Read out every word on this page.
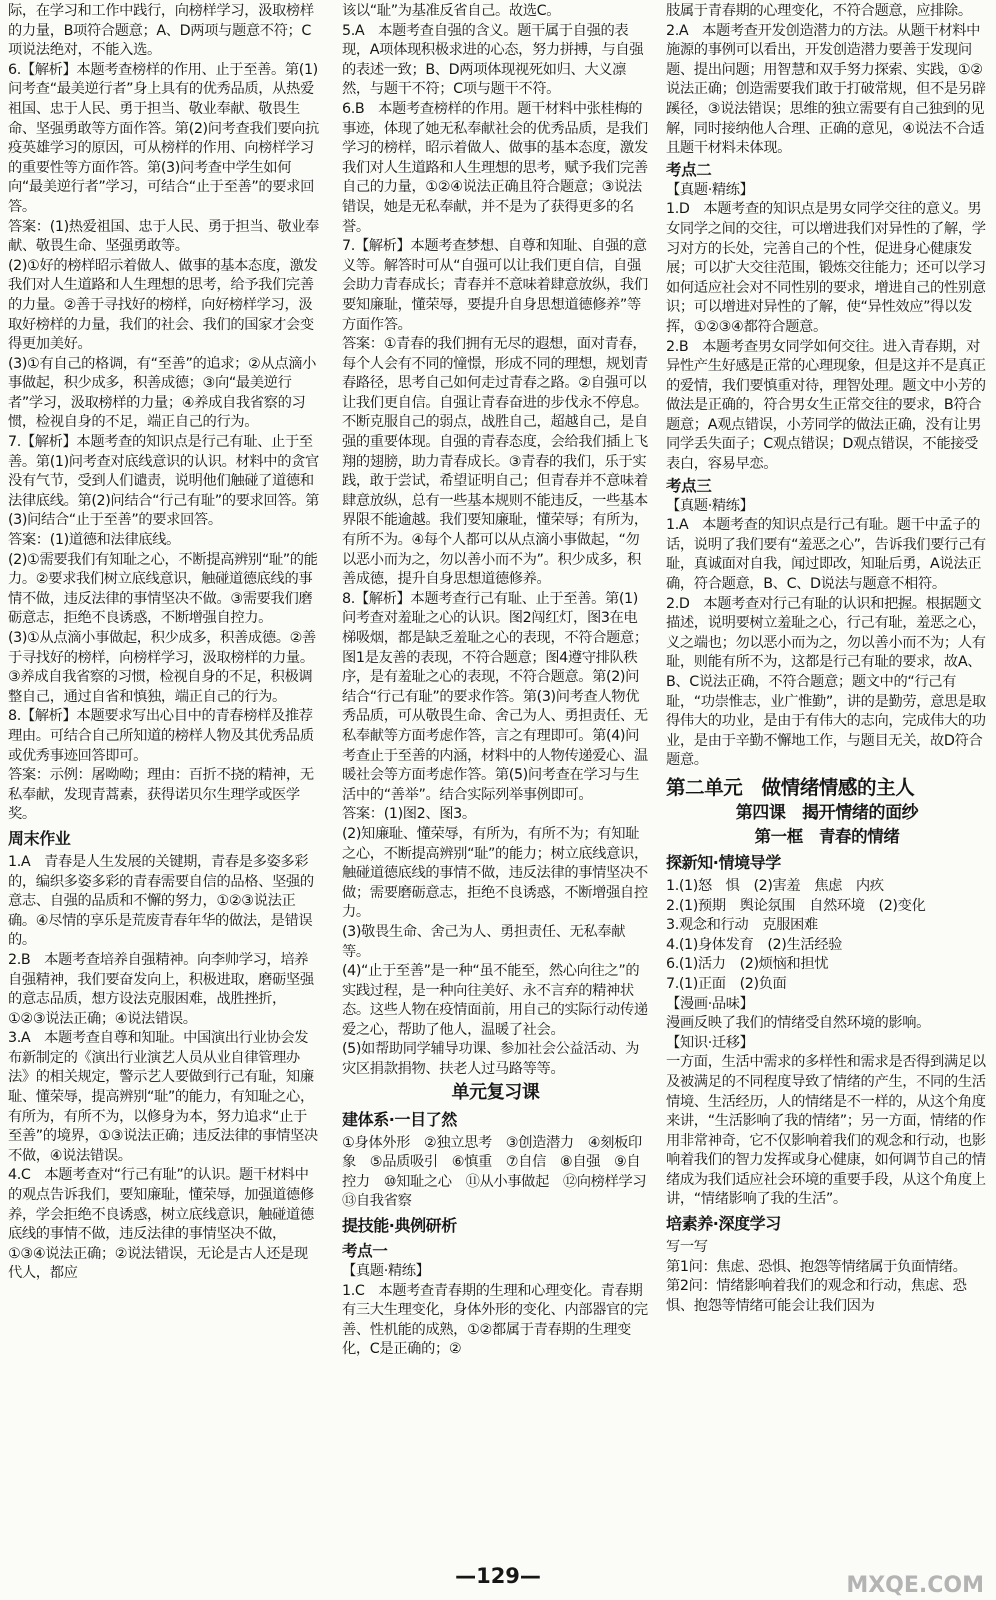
际，在学习和工作中践行，向榜样学习，汲取榜样的力量，B项符合题意；A、D两项与题意不符；C项说法绝对，不能入选。

6.【解析】本题考查榜样的作用、止于至善。第(1)问考查“最美逆行者”身上具有的优秀品质，从热爱祖国、忠于人民、勇于担当、敬业奉献、敬畏生命、坚强勇敢等方面作答。第(2)问考查我们要向抗疫英雄学习的原因，可从榜样的作用、向榜样学习的重要性等方面作答。第(3)问考查中学生如何向“最美逆行者”学习，可结合“止于至善”的要求回答。

答案：(1)热爱祖国、忠于人民、勇于担当、敬业奉献、敬畏生命、坚强勇敢等。

(2)①好的榜样昭示着做人、做事的基本态度，激发我们对人生道路和人生理想的思考，给予我们完善的力量。②善于寻找好的榜样，向好榜样学习，汲取好榜样的力量，我们的社会、我们的国家才会变得更加美好。

(3)①有自己的格调，有“至善”的追求；②从点滴小事做起，积少成多，积善成德；③向“最美逆行者”学习，汲取榜样的力量；④养成自我省察的习惯，检视自身的不足，端正自己的行为。

7.【解析】本题考查的知识点是行己有耻、止于至善。第(1)问考查对底线意识的认识。材料中的贪官没有气节，受到人们谴责，说明他们触碰了道德和法律底线。第(2)问结合“行己有耻”的要求回答。第(3)问结合“止于至善”的要求回答。

答案：(1)道德和法律底线。

(2)①需要我们有知耻之心，不断提高辨别“耻”的能力。②要求我们树立底线意识，触碰道德底线的事情不做，违反法律的事情坚决不做。③需要我们磨砺意志，拒绝不良诱惑，不断增强自控力。

(3)①从点滴小事做起，积少成多，积善成德。②善于寻找好的榜样，向榜样学习，汲取榜样的力量。③养成自我省察的习惯，检视自身的不足，积极调整自己，通过自省和慎独，端正自己的行为。

8.【解析】本题要求写出心目中的青春榜样及推荐理由。可结合自己所知道的榜样人物及其优秀品质或优秀事迹回答即可。

答案：示例：屠呦呦；理由：百折不挠的精神，无私奉献，发现青蒿素，获得诺贝尔生理学或医学奖。

周末作业

1.A　青春是人生发展的关键期，青春是多姿多彩的，编织多姿多彩的青春需要自信的品格、坚强的意志、自强的品质和不懈的努力，①②③说法正确。④尽情的享乐是荒废青春年华的做法，是错误的。

2.B　本题考查培养自强精神。向李帅学习，培养自强精神，我们要奋发向上，积极进取，磨砺坚强的意志品质，想方设法克服困难，战胜挫折，①②③说法正确；④说法错误。

3.A　本题考查自尊和知耻。中国演出行业协会发布新制定的《演出行业演艺人员从业自律管理办法》的相关规定，警示艺人要做到行己有耻，知廉耻、懂荣辱，提高辨别“耻”的能力，有知耻之心，有所为，有所不为，以修身为本，努力追求“止于至善”的境界，①③说法正确；违反法律的事情坚决不做，④说法错误。

4.C　本题考查对“行己有耻”的认识。题干材料中的观点告诉我们，要知廉耻，懂荣辱，加强道德修养，学会拒绝不良诱惑，树立底线意识，触碰道德底线的事情不做，违反法律的事情坚决不做，①③④说法正确；②说法错误，无论是古人还是现代人，都应

该以“耻”为基准反省自己。故选C。

5.A　本题考查自强的含义。题干属于自强的表现，A项体现积极求进的心态，努力拼搏，与自强的表述一致；B、D两项体现视死如归、大义凛然，与题干不符；C项与题干不符。

6.B　本题考查榜样的作用。题干材料中张桂梅的事迹，体现了她无私奉献社会的优秀品质，是我们学习的榜样，昭示着做人、做事的基本态度，激发我们对人生道路和人生理想的思考，赋予我们完善自己的力量，①②④说法正确且符合题意；③说法错误，她是无私奉献，并不是为了获得更多的名誉。

7.【解析】本题考查梦想、自尊和知耻、自强的意义等。解答时可从“自强可以让我们更自信，自强会助力青春成长；青春并不意味着肆意放纵，我们要知廉耻，懂荣辱，要提升自身思想道德修养”等方面作答。

答案：①青春的我们拥有无尽的遐想，面对青春，每个人会有不同的憧憬，形成不同的理想，规划青春路径，思考自己如何走过青春之路。②自强可以让我们更自信。自强让青春奋进的步伐永不停息。不断克服自己的弱点，战胜自己，超越自己，是自强的重要体现。自强的青春态度，会给我们插上飞翔的翅膀，助力青春成长。③青春的我们，乐于实践，敢于尝试，希望证明自己；但青春并不意味着肆意放纵，总有一些基本规则不能违反，一些基本界限不能逾越。我们要知廉耻，懂荣辱；有所为，有所不为。④每个人都可以从点滴小事做起，“勿以恶小而为之，勿以善小而不为”。积少成多，积善成德，提升自身思想道德修养。

8.【解析】本题考查行己有耻、止于至善。第(1)问考查对羞耻之心的认识。图2闯红灯，图3在电梯吸烟，都是缺乏羞耻之心的表现，不符合题意；图1是友善的表现，不符合题意；图4遵守排队秩序，是有羞耻之心的表现，不符合题意。第(2)问结合“行己有耻”的要求作答。第(3)问考查人物优秀品质，可从敬畏生命、舍己为人、勇担责任、无私奉献等方面考虑作答，言之有理即可。第(4)问考查止于至善的内涵，材料中的人物传递爱心、温暖社会等方面考虑作答。第(5)问考查在学习与生活中的“善举”。结合实际列举事例即可。

答案：(1)图2、图3。

(2)知廉耻、懂荣辱，有所为，有所不为；有知耻之心，不断提高辨别“耻”的能力；树立底线意识，触碰道德底线的事情不做，违反法律的事情坚决不做；需要磨砺意志，拒绝不良诱惑，不断增强自控力。

(3)敬畏生命、舍己为人、勇担责任、无私奉献等。

(4)“止于至善”是一种“虽不能至，然心向往之”的实践过程，是一种向往美好、永不言弃的精神状态。这些人物在疫情面前，用自己的实际行动传递爱之心，帮助了他人，温暖了社会。

(5)如帮助同学辅导功课、参加社会公益活动、为灾区捐款捐物、扶老人过马路等等。

单元复习课

建体系·一目了然

①身体外形　②独立思考　③创造潜力　④刻板印象　⑤品质吸引　⑥慎重　⑦自信　⑧自强　⑨自控力　⑩知耻之心　⑪从小事做起　⑫向榜样学习　⑬自我省察

提技能·典例研析

考点一

【真题·精练】

1.C　本题考查青春期的生理和心理变化。青春期有三大生理变化，身体外形的变化、内部器官的完善、性机能的成熟，①②都属于青春期的生理变化，C是正确的；②

肢属于青春期的心理变化，不符合题意，应排除。

2.A　本题考查开发创造潜力的方法。从题干材料中施源的事例可以看出，开发创造潜力要善于发现问题、提出问题；用智慧和双手努力探索、实践，①②说法正确；创造需要我们敢于打破常规，但不是另辟蹊径，③说法错误；思维的独立需要有自己独到的见解，同时接纳他人合理、正确的意见，④说法不合适且题干材料未体现。

考点二

【真题·精练】

1.D　本题考查的知识点是男女同学交往的意义。男女同学之间的交往，可以增进我们对异性的了解，学习对方的长处，完善自己的个性，促进身心健康发展；可以扩大交往范围，锻炼交往能力；还可以学习如何适应社会对不同性别的要求，增进自己的性别意识；可以增进对异性的了解，使“异性效应”得以发挥，①②③④都符合题意。

2.B　本题考查男女同学如何交往。进入青春期，对异性产生好感是正常的心理现象，但是这并不是真正的爱情，我们要慎重对待，理智处理。题文中小芳的做法是正确的，符合男女生正常交往的要求，B符合题意；A观点错误，小芳同学的做法正确，没有让男同学丢失面子；C观点错误；D观点错误，不能接受表白，容易早恋。

考点三

【真题·精练】

1.A　本题考查的知识点是行己有耻。题干中孟子的话，说明了我们要有“羞恶之心”，告诉我们要行己有耻，真诚面对自我，闻过即改，知耻后勇，A说法正确，符合题意，B、C、D说法与题意不相符。

2.D　本题考查对行己有耻的认识和把握。根据题文描述，说明要树立羞耻之心，行己有耻，羞恶之心，义之端也；勿以恶小而为之，勿以善小而不为；人有耻，则能有所不为，这都是行己有耻的要求，故A、B、C说法正确，不符合题意；题文中的“行己有耻，“功崇惟志，业广惟勤”，讲的是勤劳，意思是取得伟大的功业，是由于有伟大的志向，完成伟大的功业，是由于辛勤不懈地工作，与题目无关，故D符合题意。

第二单元　做情绪情感的主人

第四课　揭开情绪的面纱

第一框　青春的情绪

探新知·情境导学

1.(1)怒　惧　(2)害羞　焦虑　内疚

2.(1)预期　舆论氛围　自然环境　(2)变化

3.观念和行动　克服困难

4.(1)身体发育　(2)生活经验

6.(1)活力　(2)烦恼和担忧

7.(1)正面　(2)负面

【漫画·品味】

漫画反映了我们的情绪受自然环境的影响。

【知识·迁移】

一方面，生活中需求的多样性和需求是否得到满足以及被满足的不同程度导致了情绪的产生，不同的生活情境、生活经历，人的情绪是不一样的，从这个角度来讲，“生活影响了我的情绪”；另一方面，情绪的作用非常神奇，它不仅影响着我们的观念和行动，也影响着我们的智力发挥或身心健康，如何调节自己的情绪成为我们适应社会环境的重要手段，从这个角度上讲，“情绪影响了我的生活”。

培素养·深度学习

写一写

第1问：焦虑、恐惧、抱怨等情绪属于负面情绪。

第2问：情绪影响着我们的观念和行动，焦虑、恐惧、抱怨等情绪可能会让我们因为

—129—	MXQE.COM
